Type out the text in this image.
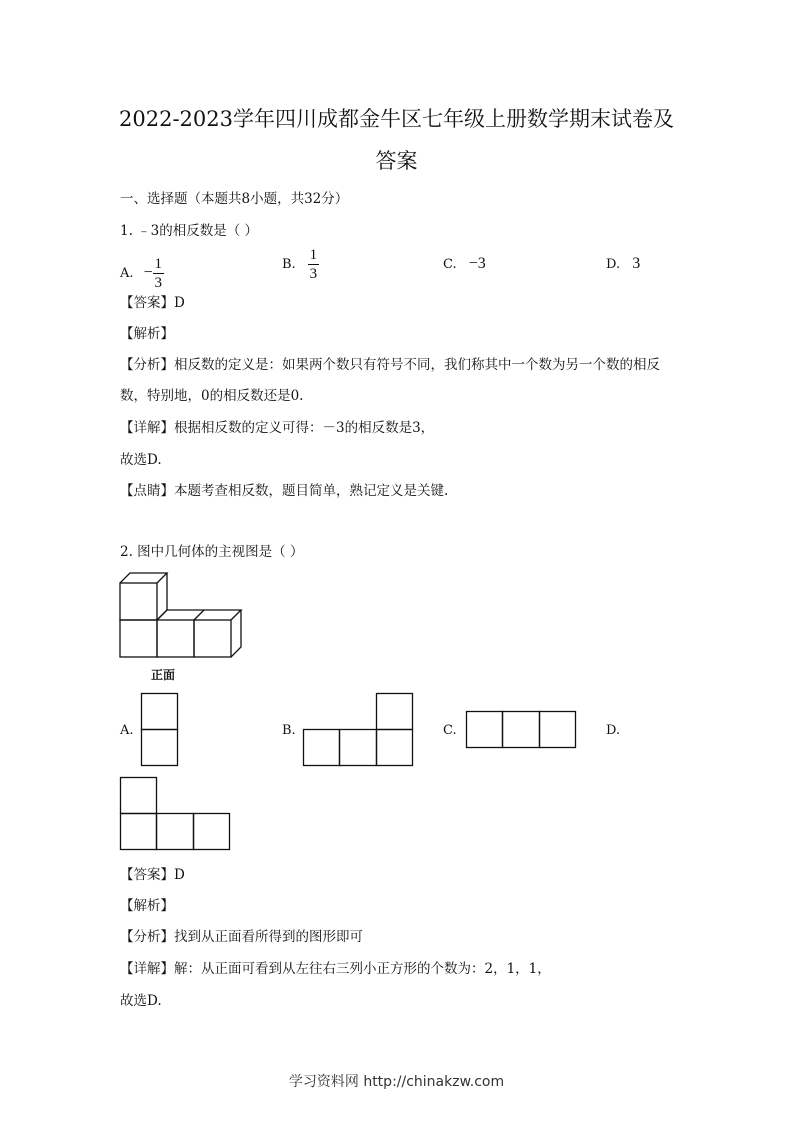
2022-2023学年四川成都金牛区七年级上册数学期末试卷及
答案
一、选择题（本题共8小题，共32分）
1. ﹣3的相反数是（ ）
A. − $\frac{1}{3}$	B. $\frac{1}{3}$	C. −3	D. 3
【答案】D
【解析】
【分析】相反数的定义是：如果两个数只有符号不同，我们称其中一个数为另一个数的相反
数，特别地，0的相反数还是0.
【详解】根据相反数的定义可得：－3的相反数是3，
故选D.
【点睛】本题考查相反数，题目简单，熟记定义是关键.
2. 图中几何体的主视图是（ ）
正面
A.	B.	C.	D.
【答案】D
【解析】
【分析】找到从正面看所得到的图形即可
【详解】解：从正面可看到从左往右三列小正方形的个数为：2，1，1，
故选D.
学习资料网 http://chinakzw.com
